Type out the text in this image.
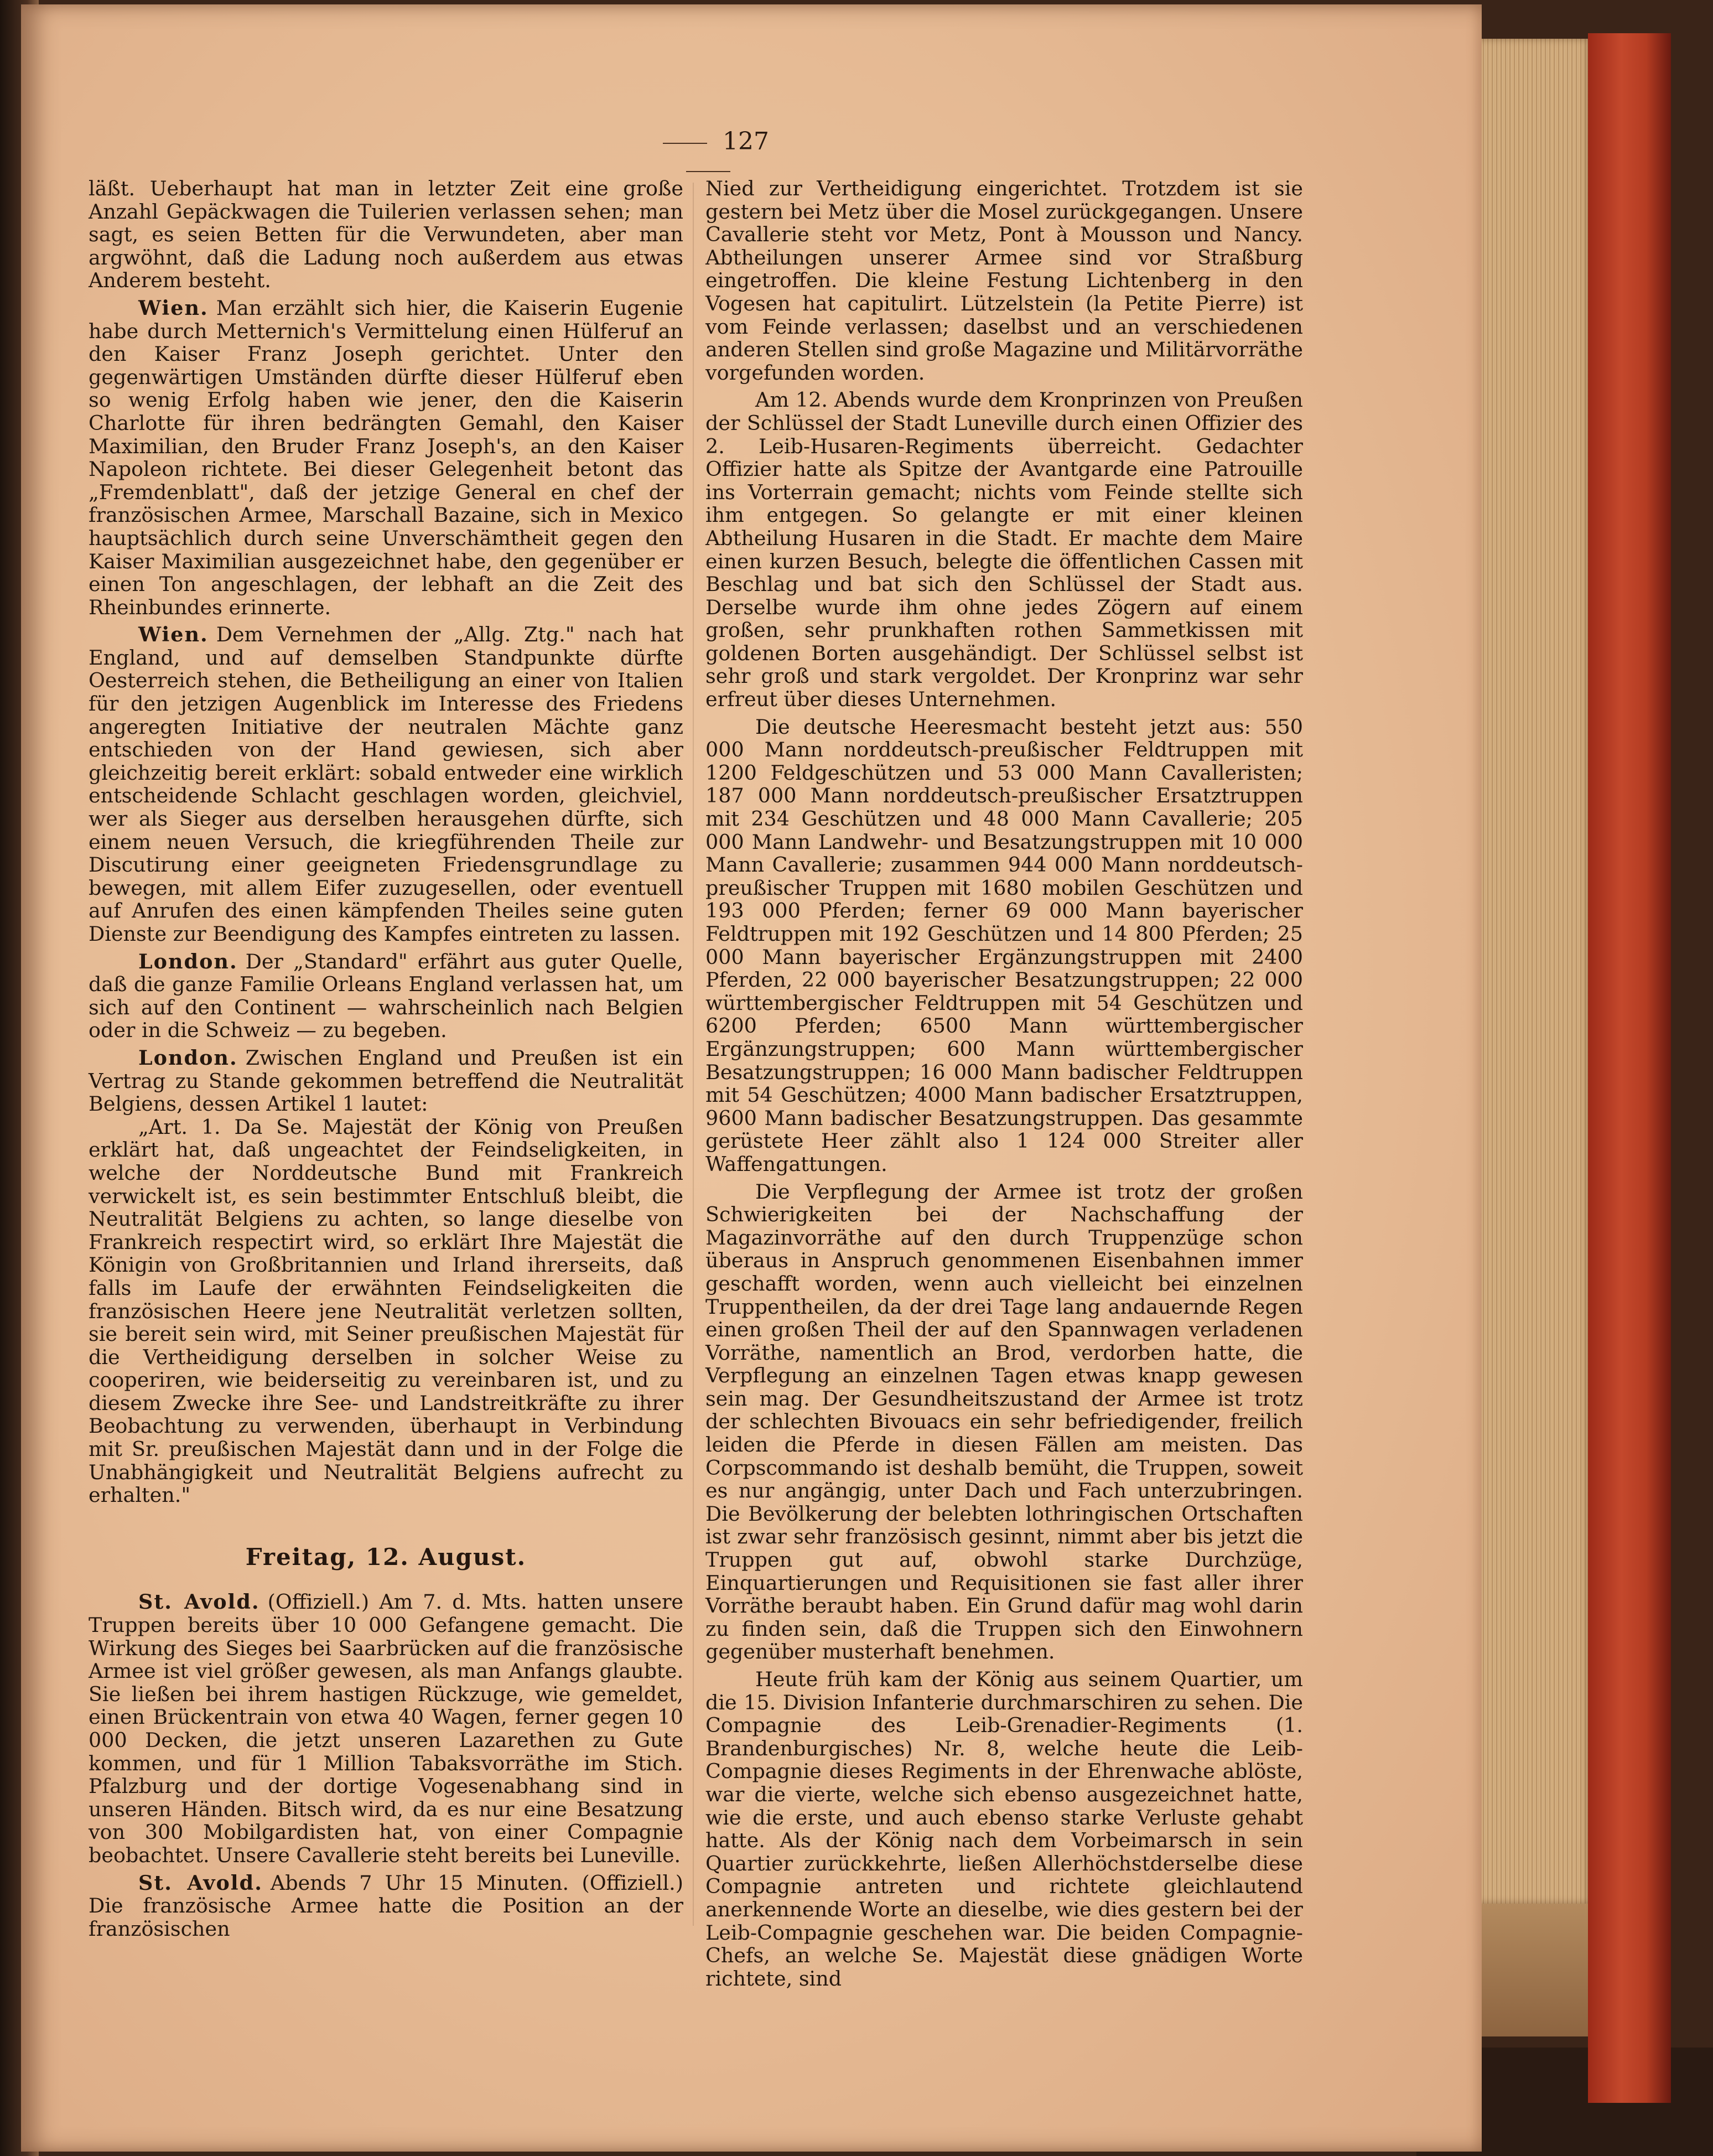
127

läßt. Ueberhaupt hat man in letzter Zeit eine große Anzahl Gepäckwagen die Tuilerien verlassen sehen; man sagt, es seien Betten für die Verwundeten, aber man argwöhnt, daß die Ladung noch außerdem aus etwas Anderem besteht.

Wien. Man erzählt sich hier, die Kaiserin Eugenie habe durch Metternich's Vermittelung einen Hülferuf an den Kaiser Franz Joseph gerichtet. Unter den gegenwärtigen Umständen dürfte dieser Hülferuf eben so wenig Erfolg haben wie jener, den die Kaiserin Charlotte für ihren bedrängten Gemahl, den Kaiser Maximilian, den Bruder Franz Joseph's, an den Kaiser Napoleon richtete. Bei dieser Gelegenheit betont das „Fremdenblatt", daß der jetzige General en chef der französischen Armee, Marschall Bazaine, sich in Mexico hauptsächlich durch seine Unverschämtheit gegen den Kaiser Maximilian ausgezeichnet habe, den gegenüber er einen Ton angeschlagen, der lebhaft an die Zeit des Rheinbundes erinnerte.

Wien. Dem Vernehmen der „Allg. Ztg." nach hat England, und auf demselben Standpunkte dürfte Oesterreich stehen, die Betheiligung an einer von Italien für den jetzigen Augenblick im Interesse des Friedens angeregten Initiative der neutralen Mächte ganz entschieden von der Hand gewiesen, sich aber gleichzeitig bereit erklärt: sobald entweder eine wirklich entscheidende Schlacht geschlagen worden, gleichviel, wer als Sieger aus derselben herausgehen dürfte, sich einem neuen Versuch, die kriegführenden Theile zur Discutirung einer geeigneten Friedensgrundlage zu bewegen, mit allem Eifer zuzugesellen, oder eventuell auf Anrufen des einen kämpfenden Theiles seine guten Dienste zur Beendigung des Kampfes eintreten zu lassen.

London. Der „Standard" erfährt aus guter Quelle, daß die ganze Familie Orleans England verlassen hat, um sich auf den Continent — wahrscheinlich nach Belgien oder in die Schweiz — zu begeben.

London. Zwischen England und Preußen ist ein Vertrag zu Stande gekommen betreffend die Neutralität Belgiens, dessen Artikel 1 lautet:

„Art. 1. Da Se. Majestät der König von Preußen erklärt hat, daß ungeachtet der Feindseligkeiten, in welche der Norddeutsche Bund mit Frankreich verwickelt ist, es sein bestimmter Entschluß bleibt, die Neutralität Belgiens zu achten, so lange dieselbe von Frankreich respectirt wird, so erklärt Ihre Majestät die Königin von Großbritannien und Irland ihrerseits, daß falls im Laufe der erwähnten Feindseligkeiten die französischen Heere jene Neutralität verletzen sollten, sie bereit sein wird, mit Seiner preußischen Majestät für die Vertheidigung derselben in solcher Weise zu cooperiren, wie beiderseitig zu vereinbaren ist, und zu diesem Zwecke ihre See- und Landstreitkräfte zu ihrer Beobachtung zu verwenden, überhaupt in Verbindung mit Sr. preußischen Majestät dann und in der Folge die Unabhängigkeit und Neutralität Belgiens aufrecht zu erhalten."

Freitag, 12. August.

St. Avold. (Offiziell.) Am 7. d. Mts. hatten unsere Truppen bereits über 10 000 Gefangene gemacht. Die Wirkung des Sieges bei Saarbrücken auf die französische Armee ist viel größer gewesen, als man Anfangs glaubte. Sie ließen bei ihrem hastigen Rückzuge, wie gemeldet, einen Brückentrain von etwa 40 Wagen, ferner gegen 10 000 Decken, die jetzt unseren Lazarethen zu Gute kommen, und für 1 Million Tabaksvorräthe im Stich. Pfalzburg und der dortige Vogesenabhang sind in unseren Händen. Bitsch wird, da es nur eine Besatzung von 300 Mobilgardisten hat, von einer Compagnie beobachtet. Unsere Cavallerie steht bereits bei Luneville.

St. Avold. Abends 7 Uhr 15 Minuten. (Offiziell.) Die französische Armee hatte die Position an der französischen

Nied zur Vertheidigung eingerichtet. Trotzdem ist sie gestern bei Metz über die Mosel zurückgegangen. Unsere Cavallerie steht vor Metz, Pont à Mousson und Nancy. Abtheilungen unserer Armee sind vor Straßburg eingetroffen. Die kleine Festung Lichtenberg in den Vogesen hat capitulirt. Lützelstein (la Petite Pierre) ist vom Feinde verlassen; daselbst und an verschiedenen anderen Stellen sind große Magazine und Militärvorräthe vorgefunden worden.

Am 12. Abends wurde dem Kronprinzen von Preußen der Schlüssel der Stadt Luneville durch einen Offizier des 2. Leib-Husaren-Regiments überreicht. Gedachter Offizier hatte als Spitze der Avantgarde eine Patrouille ins Vorterrain gemacht; nichts vom Feinde stellte sich ihm entgegen. So gelangte er mit einer kleinen Abtheilung Husaren in die Stadt. Er machte dem Maire einen kurzen Besuch, belegte die öffentlichen Cassen mit Beschlag und bat sich den Schlüssel der Stadt aus. Derselbe wurde ihm ohne jedes Zögern auf einem großen, sehr prunkhaften rothen Sammetkissen mit goldenen Borten ausgehändigt. Der Schlüssel selbst ist sehr groß und stark vergoldet. Der Kronprinz war sehr erfreut über dieses Unternehmen.

Die deutsche Heeresmacht besteht jetzt aus: 550 000 Mann norddeutsch-preußischer Feldtruppen mit 1200 Feldgeschützen und 53 000 Mann Cavalleristen; 187 000 Mann norddeutsch-preußischer Ersatztruppen mit 234 Geschützen und 48 000 Mann Cavallerie; 205 000 Mann Landwehr- und Besatzungstruppen mit 10 000 Mann Cavallerie; zusammen 944 000 Mann norddeutsch-preußischer Truppen mit 1680 mobilen Geschützen und 193 000 Pferden; ferner 69 000 Mann bayerischer Feldtruppen mit 192 Geschützen und 14 800 Pferden; 25 000 Mann bayerischer Ergänzungstruppen mit 2400 Pferden, 22 000 bayerischer Besatzungstruppen; 22 000 württembergischer Feldtruppen mit 54 Geschützen und 6200 Pferden; 6500 Mann württembergischer Ergänzungstruppen; 600 Mann württembergischer Besatzungstruppen; 16 000 Mann badischer Feldtruppen mit 54 Geschützen; 4000 Mann badischer Ersatztruppen, 9600 Mann badischer Besatzungstruppen. Das gesammte gerüstete Heer zählt also 1 124 000 Streiter aller Waffengattungen.

Die Verpflegung der Armee ist trotz der großen Schwierigkeiten bei der Nachschaffung der Magazinvorräthe auf den durch Truppenzüge schon überaus in Anspruch genommenen Eisenbahnen immer geschafft worden, wenn auch vielleicht bei einzelnen Truppentheilen, da der drei Tage lang andauernde Regen einen großen Theil der auf den Spannwagen verladenen Vorräthe, namentlich an Brod, verdorben hatte, die Verpflegung an einzelnen Tagen etwas knapp gewesen sein mag. Der Gesundheitszustand der Armee ist trotz der schlechten Bivouacs ein sehr befriedigender, freilich leiden die Pferde in diesen Fällen am meisten. Das Corpscommando ist deshalb bemüht, die Truppen, soweit es nur angängig, unter Dach und Fach unterzubringen. Die Bevölkerung der belebten lothringischen Ortschaften ist zwar sehr französisch gesinnt, nimmt aber bis jetzt die Truppen gut auf, obwohl starke Durchzüge, Einquartierungen und Requisitionen sie fast aller ihrer Vorräthe beraubt haben. Ein Grund dafür mag wohl darin zu finden sein, daß die Truppen sich den Einwohnern gegenüber musterhaft benehmen.

Heute früh kam der König aus seinem Quartier, um die 15. Division Infanterie durchmarschiren zu sehen. Die Compagnie des Leib-Grenadier-Regiments (1. Brandenburgisches) Nr. 8, welche heute die Leib-Compagnie dieses Regiments in der Ehrenwache ablöste, war die vierte, welche sich ebenso ausgezeichnet hatte, wie die erste, und auch ebenso starke Verluste gehabt hatte. Als der König nach dem Vorbeimarsch in sein Quartier zurückkehrte, ließen Allerhöchstderselbe diese Compagnie antreten und richtete gleichlautend anerkennende Worte an dieselbe, wie dies gestern bei der Leib-Compagnie geschehen war. Die beiden Compagnie-Chefs, an welche Se. Majestät diese gnädigen Worte richtete, sind
